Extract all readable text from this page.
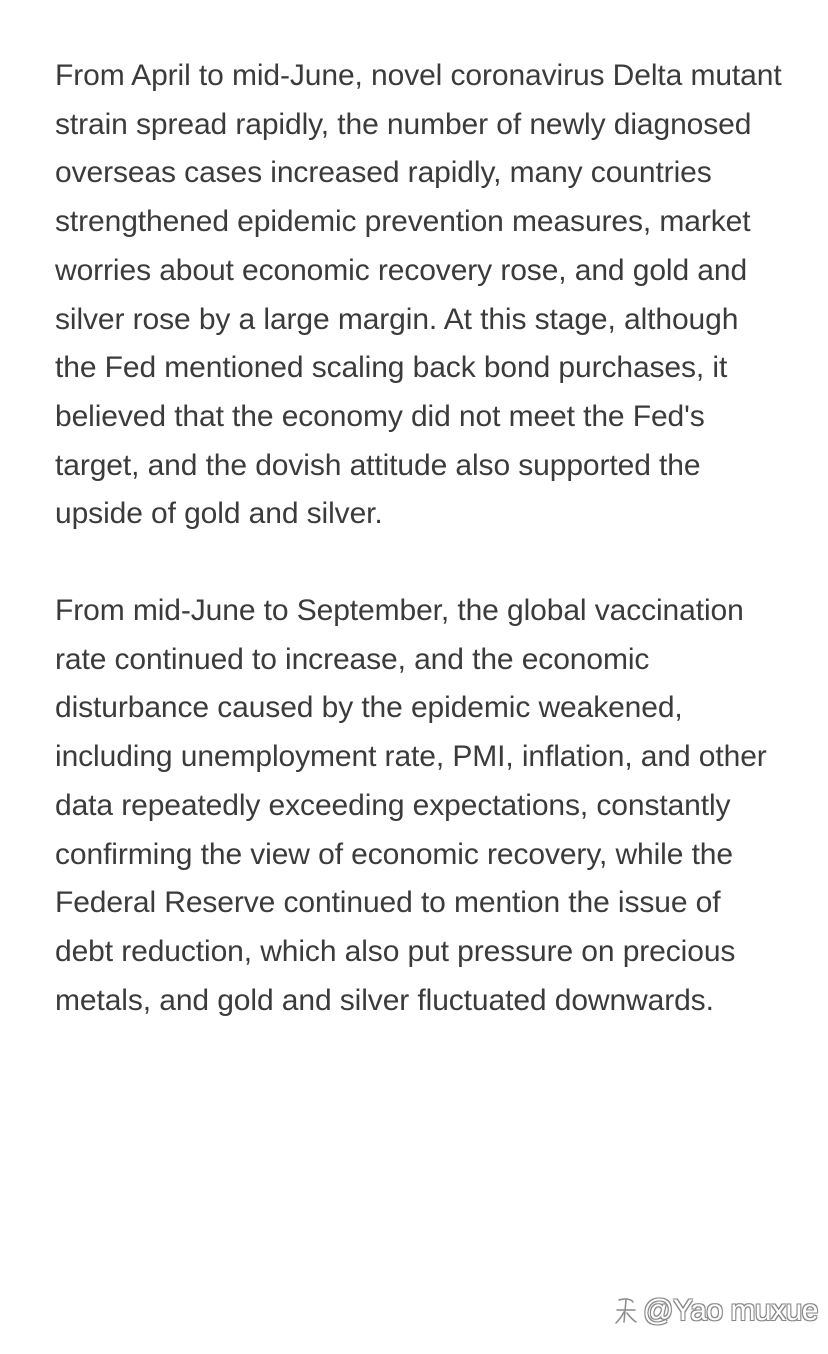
From April to mid-June, novel coronavirus Delta mutant strain spread rapidly, the number of newly diagnosed overseas cases increased rapidly, many countries strengthened epidemic prevention measures, market worries about economic recovery rose, and gold and silver rose by a large margin. At this stage, although the Fed mentioned scaling back bond purchases, it believed that the economy did not meet the Fed's target, and the dovish attitude also supported the upside of gold and silver.

From mid-June to September, the global vaccination rate continued to increase, and the economic disturbance caused by the epidemic weakened, including unemployment rate, PMI, inflation, and other data repeatedly exceeding expectations, constantly confirming the view of economic recovery, while the Federal Reserve continued to mention the issue of debt reduction, which also put pressure on precious metals, and gold and silver fluctuated downwards.

@Yao muxue
